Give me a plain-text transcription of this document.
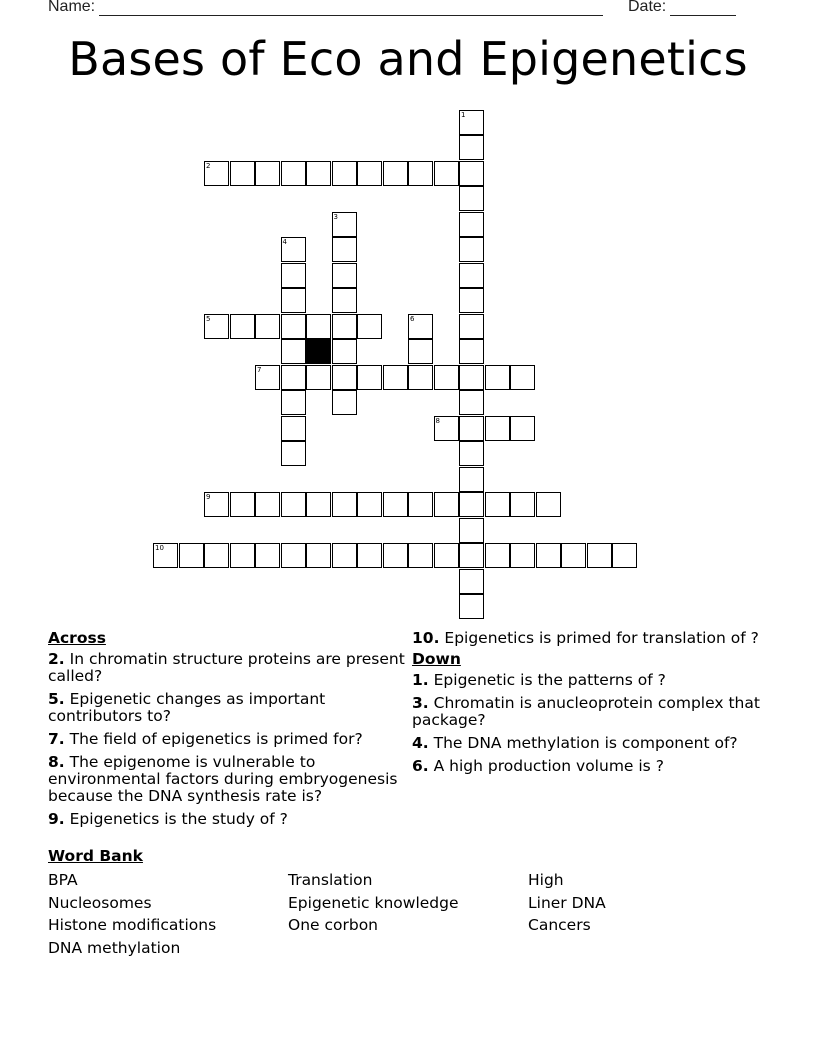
Name:	Date:
Bases of Eco and Epigenetics
1
2
3
4
5	6
7
8
9
10
Across
2. In chromatin structure proteins are present called?
5. Epigenetic changes as important contributors to?
7. The field of epigenetics is primed for?
8. The epigenome is vulnerable to environmental factors during embryogenesis because the DNA synthesis rate is?
9. Epigenetics is the study of ?
10. Epigenetics is primed for translation of ?
Down
1. Epigenetic is the patterns of ?
3. Chromatin is anucleoprotein complex that package?
4. The DNA methylation is component of?
6. A high production volume is ?
Word Bank
BPA
Nucleosomes
Histone modifications
DNA methylation
Translation
Epigenetic knowledge
One corbon
High
Liner DNA
Cancers
